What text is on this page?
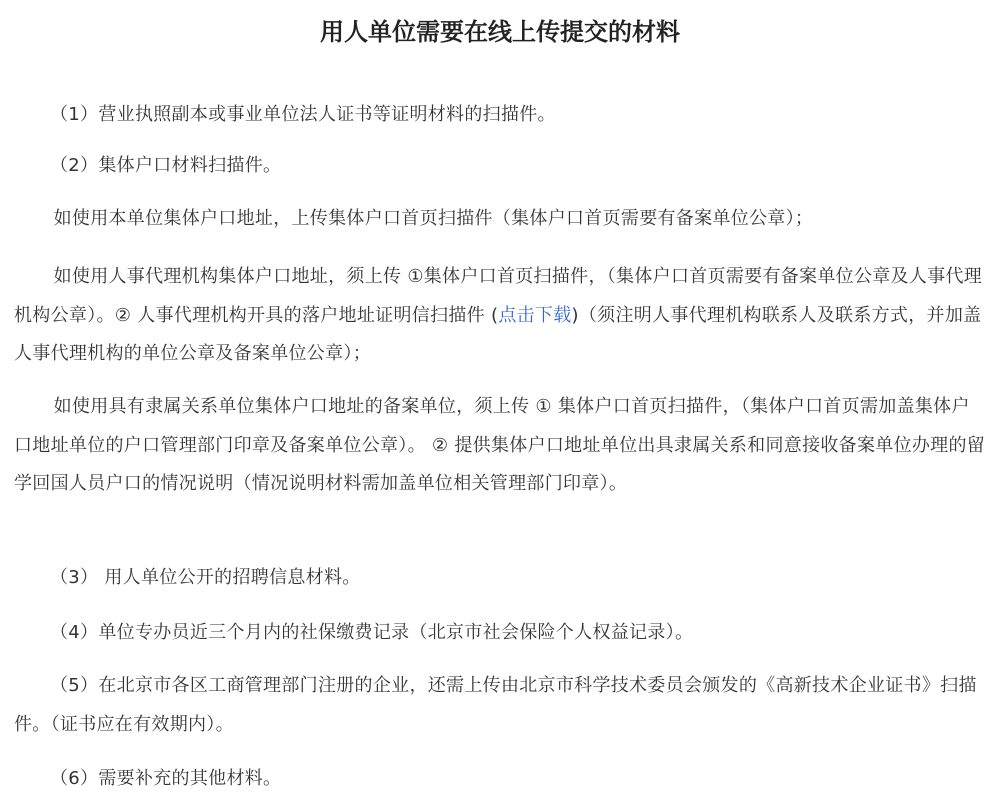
用人单位需要在线上传提交的材料

（1）营业执照副本或事业单位法人证书等证明材料的扫描件。

（2）集体户口材料扫描件。

如使用本单位集体户口地址，上传集体户口首页扫描件（集体户口首页需要有备案单位公章）；

如使用人事代理机构集体户口地址，须上传 ①集体户口首页扫描件，（集体户口首页需要有备案单位公章及人事代理机构公章）。② 人事代理机构开具的落户地址证明信扫描件 (点击下载)（须注明人事代理机构联系人及联系方式，并加盖人事代理机构的单位公章及备案单位公章）；

如使用具有隶属关系单位集体户口地址的备案单位，须上传 ① 集体户口首页扫描件，（集体户口首页需加盖集体户口地址单位的户口管理部门印章及备案单位公章）。 ② 提供集体户口地址单位出具隶属关系和同意接收备案单位办理的留学回国人员户口的情况说明（情况说明材料需加盖单位相关管理部门印章）。

（3） 用人单位公开的招聘信息材料。

（4）单位专办员近三个月内的社保缴费记录（北京市社会保险个人权益记录）。

（5）在北京市各区工商管理部门注册的企业，还需上传由北京市科学技术委员会颁发的《高新技术企业证书》扫描件。（证书应在有效期内）。

（6）需要补充的其他材料。
